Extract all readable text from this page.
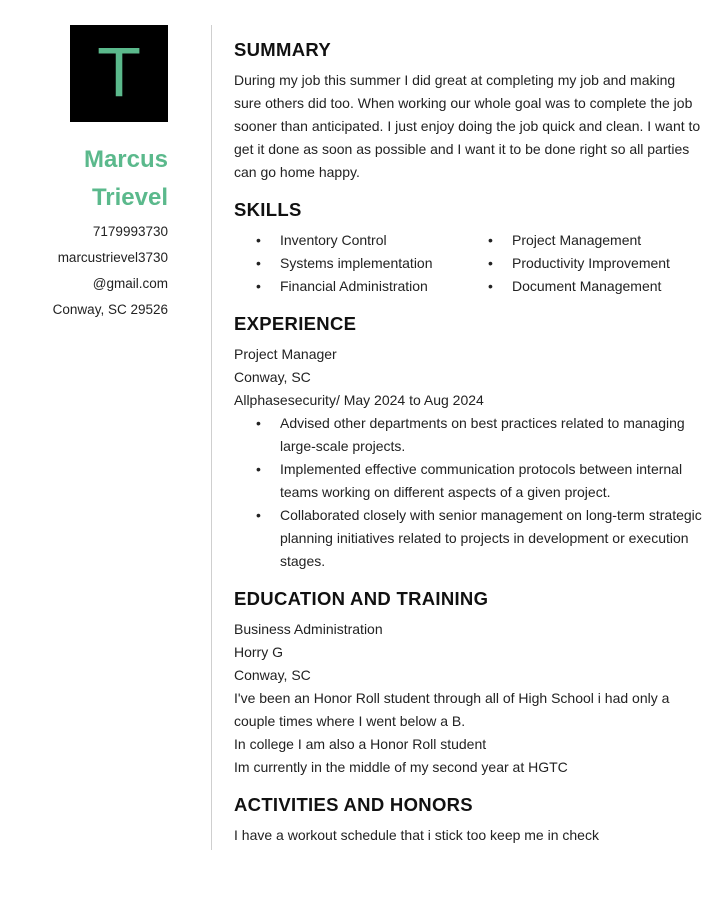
T
Marcus
Trievel
7179993730
marcustrievel3730
@gmail.com
Conway, SC 29526
SUMMARY

During my job this summer I did great at completing my job and making sure others did too. When working our whole goal was to complete the job sooner than anticipated. I just enjoy doing the job quick and clean. I want to get it done as soon as possible and I want it to be done right so all parties can go home happy.

SKILLS
• Inventory Control
• Systems implementation
• Financial Administration
• Project Management
• Productivity Improvement
• Document Management
EXPERIENCE
Project Manager
Conway, SC
Allphasesecurity/ May 2024 to Aug 2024
• Advised other departments on best practices related to managing large-scale projects.
• Implemented effective communication protocols between internal teams working on different aspects of a given project.
• Collaborated closely with senior management on long-term strategic planning initiatives related to projects in development or execution stages.
EDUCATION AND TRAINING
Business Administration
Horry G
Conway, SC
I've been an Honor Roll student through all of High School i had only a couple times where I went below a B.
In college I am also a Honor Roll student
Im currently in the middle of my second year at HGTC
ACTIVITIES AND HONORS

I have a workout schedule that i stick too keep me in check
